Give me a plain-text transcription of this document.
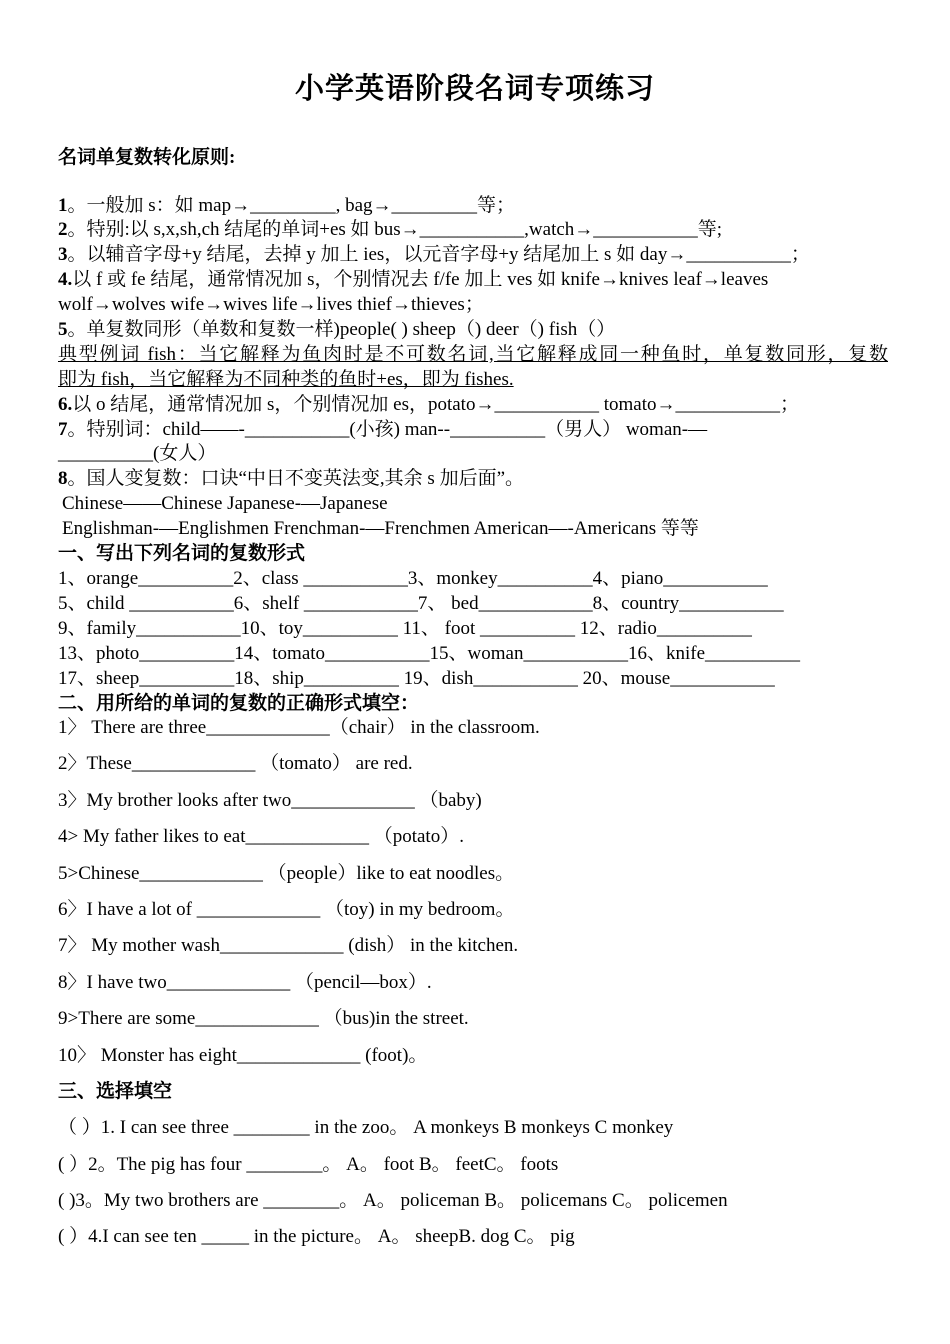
小学英语阶段名词专项练习
名词单复数转化原则:
1。一般加 s：如 map→_________, bag→_________等；
2。特别:以 s,x,sh,ch 结尾的单词+es 如 bus→___________,watch→___________等;
3。以辅音字母+y 结尾，去掉 y 加上 ies，以元音字母+y 结尾加上 s 如 day→___________；
4.以 f 或 fe 结尾，通常情况加 s，个别情况去 f/fe 加上 ves 如 knife→knives leaf→leaves
wolf→wolves wife→wives life→lives thief→thieves；
5。单复数同形（单数和复数一样)people( ) sheep（) deer（) fish（）
典型例词 fish：当它解释为鱼肉时是不可数名词,当它解释成同一种鱼时，单复数同形，复数
即为 fish，当它解释为不同种类的鱼时+es，即为 fishes.
6.以 o 结尾，通常情况加 s，个别情况加 es，potato→___________ tomato→___________；
7。特别词：child——-___________(小孩) man--__________（男人） woman-—
__________(女人）
8。国人变复数：口诀“中日不变英法变,其余 s 加后面”。
Chinese——Chinese Japanese-—Japanese
Englishman-—Englishmen Frenchman-—Frenchmen American—-Americans 等等
一、写出下列名词的复数形式
1、orange__________2、class ___________3、monkey__________4、piano___________
5、child ___________6、shelf ____________7、 bed____________8、country___________
9、family___________10、toy__________ 11、 foot __________ 12、radio__________
13、photo__________14、tomato___________15、woman___________16、knife__________
17、sheep__________18、ship__________ 19、dish___________ 20、mouse___________
二、用所给的单词的复数的正确形式填空：
1〉 There are three_____________（chair） in the classroom.
2〉These_____________ （tomato） are red.
3〉My brother looks after two_____________ （baby)
4> My father likes to eat_____________ （potato）.
5>Chinese_____________ （people）like to eat noodles。
6〉I have a lot of _____________ （toy) in my bedroom。
7〉 My mother wash_____________ (dish） in the kitchen.
8〉I have two_____________ （pencil—box）.
9>There are some_____________ （bus)in the street.
10〉 Monster has eight_____________ (foot)。
三、选择填空
（ ）1. I can see three ________ in the zoo。 A monkeys B monkeys C monkey
( ）2。The pig has four ________。 A。 foot B。 feetC。 foots
( )3。My two brothers are ________。 A。 policeman B。 policemans C。 policemen
( ）4.I can see ten _____ in the picture。 A。 sheepB. dog C。 pig
